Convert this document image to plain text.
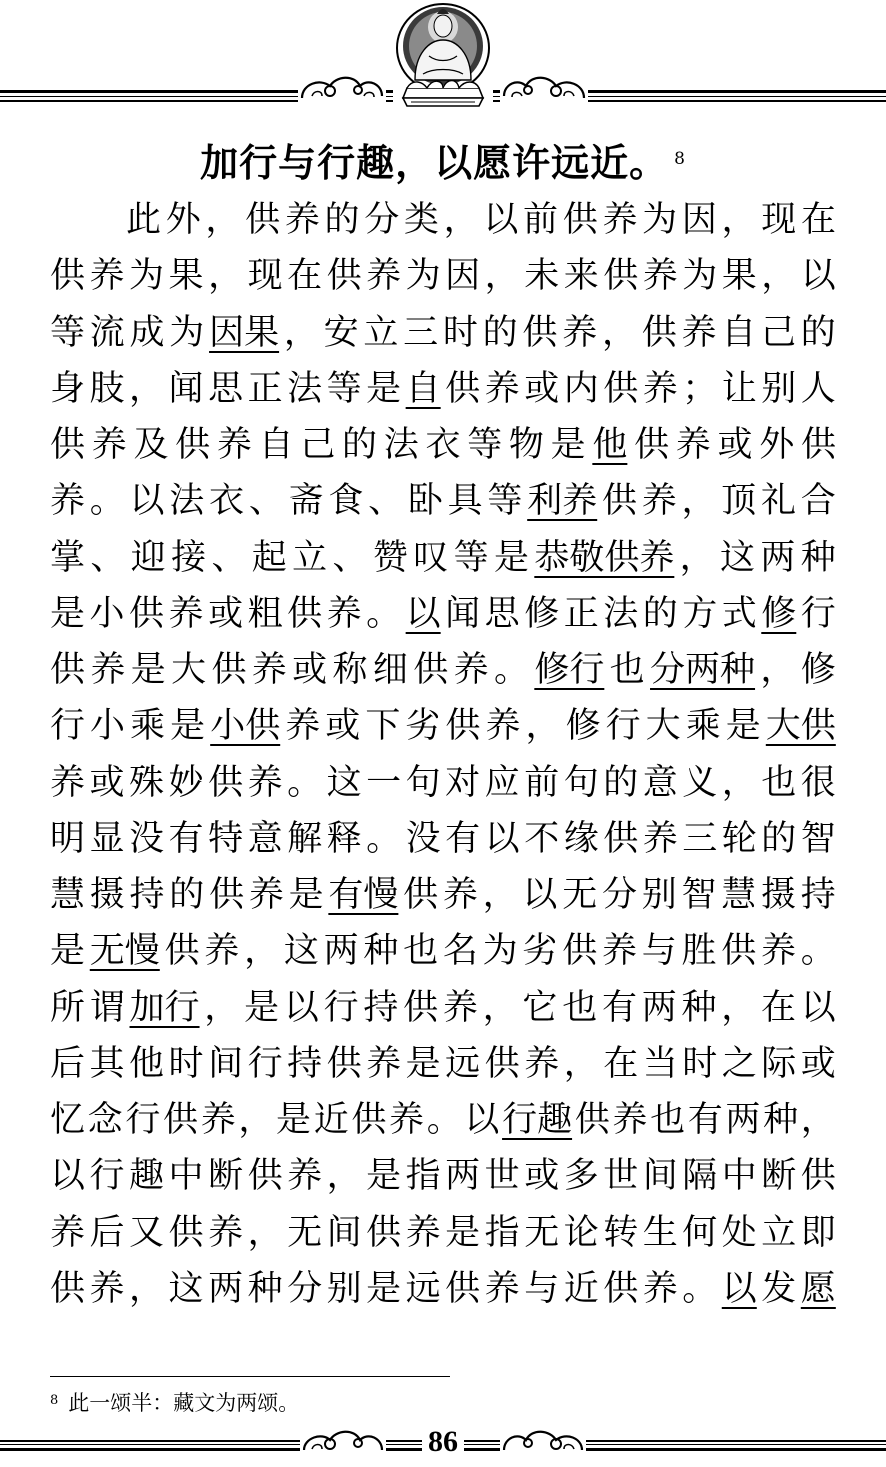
加行与行趣，以愿许远近。 $^8$
此 外 ， 供 养 的 分 类 ， 以 前 供 养 为 因 ， 现 在
供 养 为 果 ， 现 在 供 养 为 因 ， 未 来 供 养 为 果 ， 以
等 流 成 为 因果 ， 安 立 三 时 的 供 养 ， 供 养 自 己 的
身 肢 ， 闻 思 正 法 等 是 自 供 养 或 内 供 养 ； 让 别 人
供 养 及 供 养 自 己 的 法 衣 等 物 是 他 供 养 或 外 供
养 。 以 法 衣 、 斋 食 、 卧 具 等 利养 供 养 ， 顶 礼 合
掌 、 迎 接 、 起 立 、 赞 叹 等 是 恭敬供养 ， 这 两 种
是 小 供 养 或 粗 供 养 。 以 闻 思 修 正 法 的 方 式 修 行
供 养 是 大 供 养 或 称 细 供 养 。 修行 也 分两种 ， 修
行 小 乘 是 小供 养 或 下 劣 供 养 ， 修 行 大 乘 是 大供
养 或 殊 妙 供 养 。 这 一 句 对 应 前 句 的 意 义 ， 也 很
明 显 没 有 特 意 解 释 。 没 有 以 不 缘 供 养 三 轮 的 智
慧 摄 持 的 供 养 是 有慢 供 养 ， 以 无 分 别 智 慧 摄 持
是 无慢 供 养 ， 这 两 种 也 名 为 劣 供 养 与 胜 供 养 。
所 谓 加行 ， 是 以 行 持 供 养 ， 它 也 有 两 种 ， 在 以
后 其 他 时 间 行 持 供 养 是 远 供 养 ， 在 当 时 之 际 或
忆 念 行 供 养 ， 是 近 供 养 。 以 行趣 供 养 也 有 两 种 ，
以 行 趣 中 断 供 养 ， 是 指 两 世 或 多 世 间 隔 中 断 供
养 后 又 供 养 ， 无 间 供 养 是 指 无 论 转 生 何 处 立 即
供 养 ， 这 两 种 分 别 是 远 供 养 与 近 供 养 。 以 发 愿
$^8$ 此一颂半：藏文为两颂。
86
